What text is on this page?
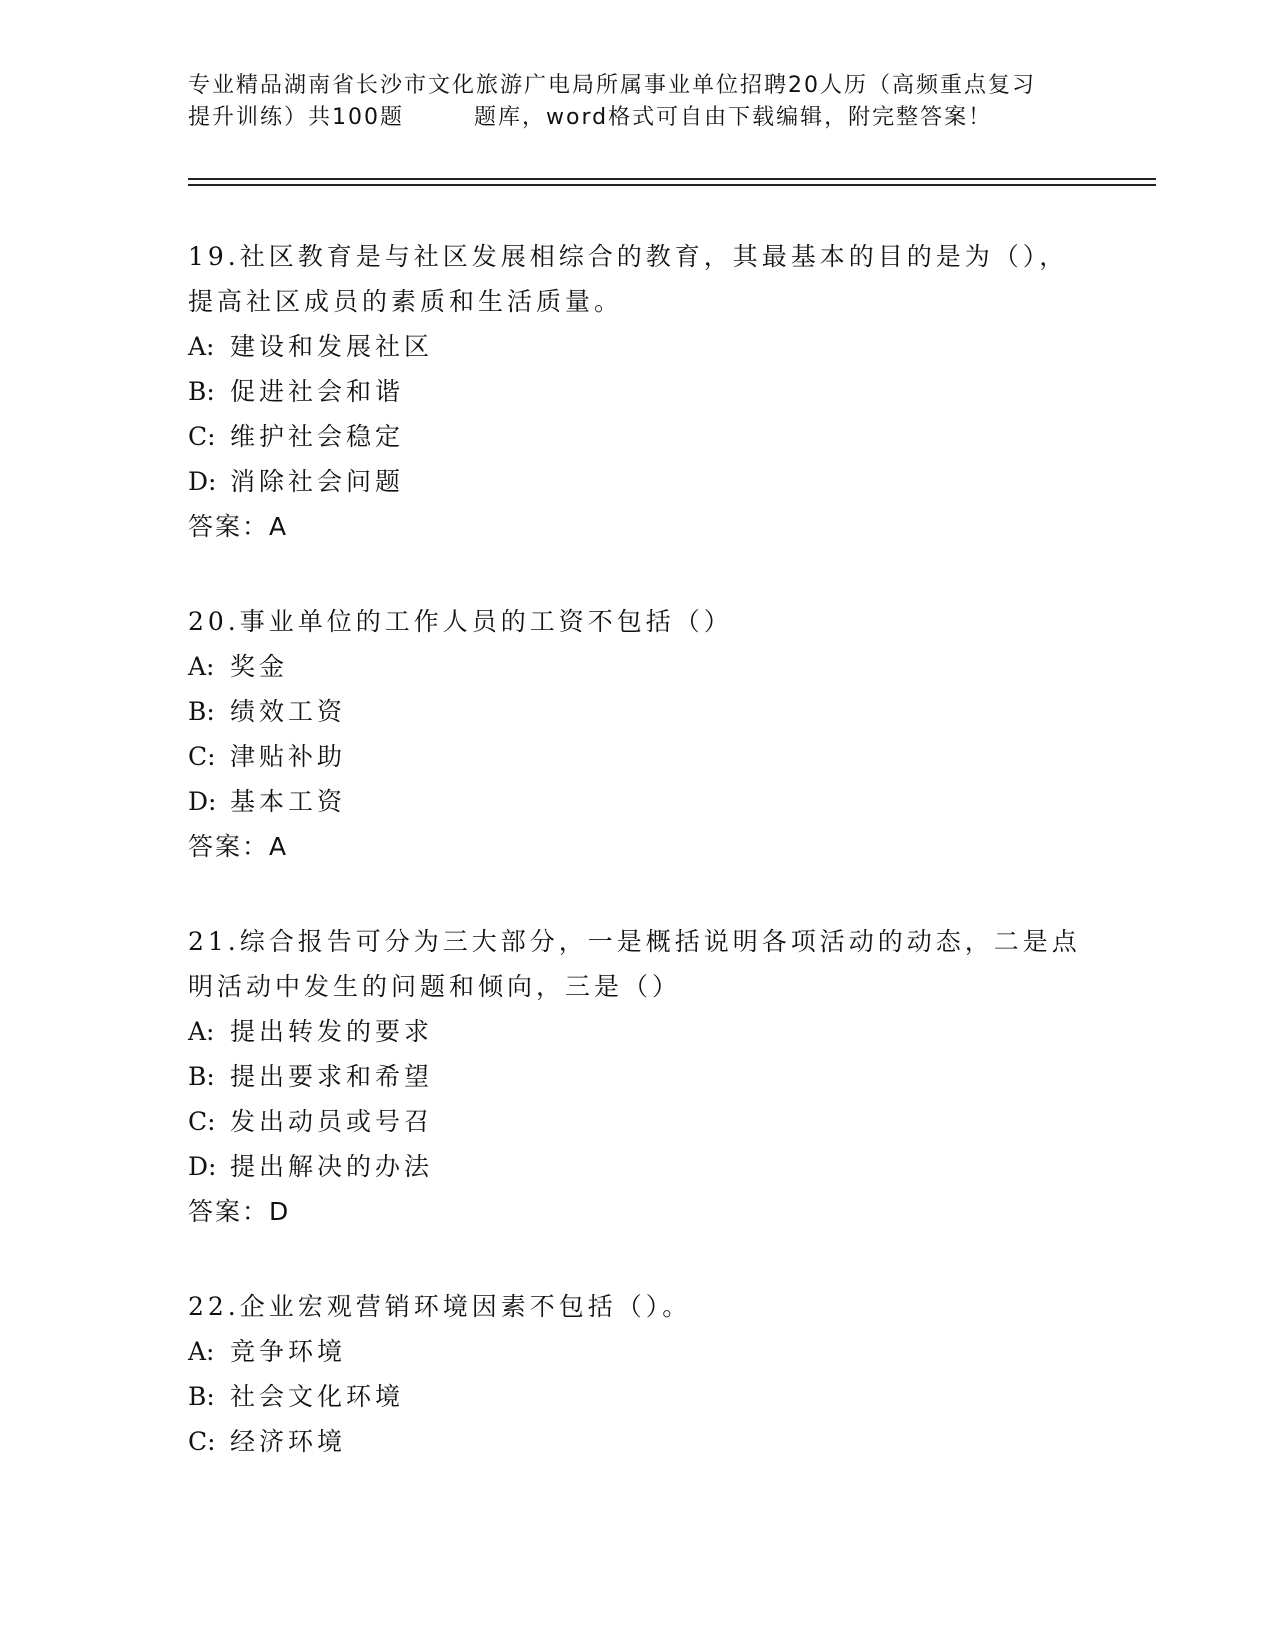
专业精品湖南省长沙市文化旅游广电局所属事业单位招聘20人历（高频重点复习
提升训练）共100题	题库，word格式可自由下载编辑，附完整答案！

19.社区教育是与社区发展相综合的教育，其最基本的目的是为（），提高社区成员的素质和生活质量。

A: 建设和发展社区

B: 促进社会和谐

C: 维护社会稳定

D: 消除社会问题

答案：A

20.事业单位的工作人员的工资不包括（）

A: 奖金

B: 绩效工资

C: 津贴补助

D: 基本工资

答案：A

21.综合报告可分为三大部分，一是概括说明各项活动的动态，二是点明活动中发生的问题和倾向，三是（）

A: 提出转发的要求

B: 提出要求和希望

C: 发出动员或号召

D: 提出解决的办法

答案：D

22.企业宏观营销环境因素不包括（）。

A: 竞争环境

B: 社会文化环境

C: 经济环境
